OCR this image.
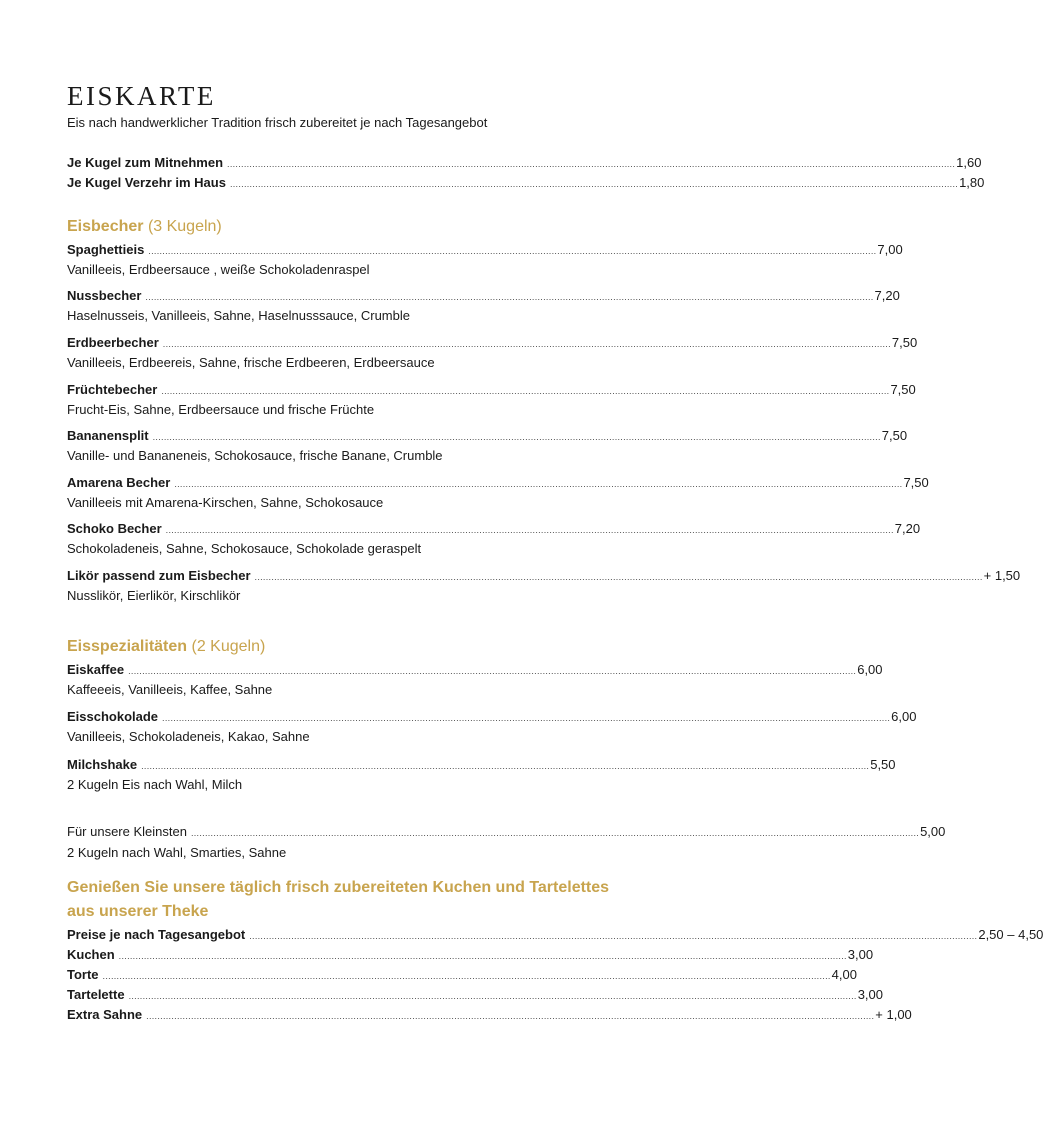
EISKARTE
Eis nach handwerklicher Tradition frisch zubereitet je nach Tagesangebot
Je Kugel zum Mitnehmen .................................................................................................................................................................................................................................................................... 1,60
Je Kugel Verzehr im Haus .................................................................................................................................................................................................................................................................... 1,80
Eisbecher (3 Kugeln)
Spaghettieis .................................................................................................................................................................................................................................................................... 7,00
Vanilleeis, Erdbeersauce , weiße Schokoladenraspel
Nussbecher .................................................................................................................................................................................................................................................................... 7,20
Haselnusseis, Vanilleeis, Sahne, Haselnusssauce, Crumble
Erdbeerbecher .................................................................................................................................................................................................................................................................... 7,50
Vanilleeis, Erdbeereis, Sahne, frische Erdbeeren, Erdbeersauce
Früchtebecher .................................................................................................................................................................................................................................................................... 7,50
Frucht-Eis, Sahne, Erdbeersauce und frische Früchte
Bananensplit .................................................................................................................................................................................................................................................................... 7,50
Vanille- und Bananeneis, Schokosauce, frische Banane, Crumble
Amarena Becher .................................................................................................................................................................................................................................................................... 7,50
Vanilleeis mit Amarena-Kirschen, Sahne, Schokosauce
Schoko Becher .................................................................................................................................................................................................................................................................... 7,20
Schokoladeneis, Sahne, Schokosauce, Schokolade geraspelt
Likör passend zum Eisbecher .................................................................................................................................................................................................................................................................... + 1,50
Nusslikör, Eierlikör, Kirschlikör
Eisspezialitäten (2 Kugeln)
Eiskaffee .................................................................................................................................................................................................................................................................... 6,00
Kaffeeeis, Vanilleeis, Kaffee, Sahne
Eisschokolade .................................................................................................................................................................................................................................................................... 6,00
Vanilleeis, Schokoladeneis, Kakao, Sahne
Milchshake .................................................................................................................................................................................................................................................................... 5,50
2 Kugeln Eis nach Wahl, Milch
Für unsere Kleinsten .................................................................................................................................................................................................................................................................... 5,00
2 Kugeln nach Wahl, Smarties, Sahne
Genießen Sie unsere täglich frisch zubereiteten Kuchen und Tartelettes
aus unserer Theke
Preise je nach Tagesangebot .................................................................................................................................................................................................................................................................... 2,50 – 4,50
Kuchen .................................................................................................................................................................................................................................................................... 3,00
Torte .................................................................................................................................................................................................................................................................... 4,00
Tartelette .................................................................................................................................................................................................................................................................... 3,00
Extra Sahne .................................................................................................................................................................................................................................................................... + 1,00
